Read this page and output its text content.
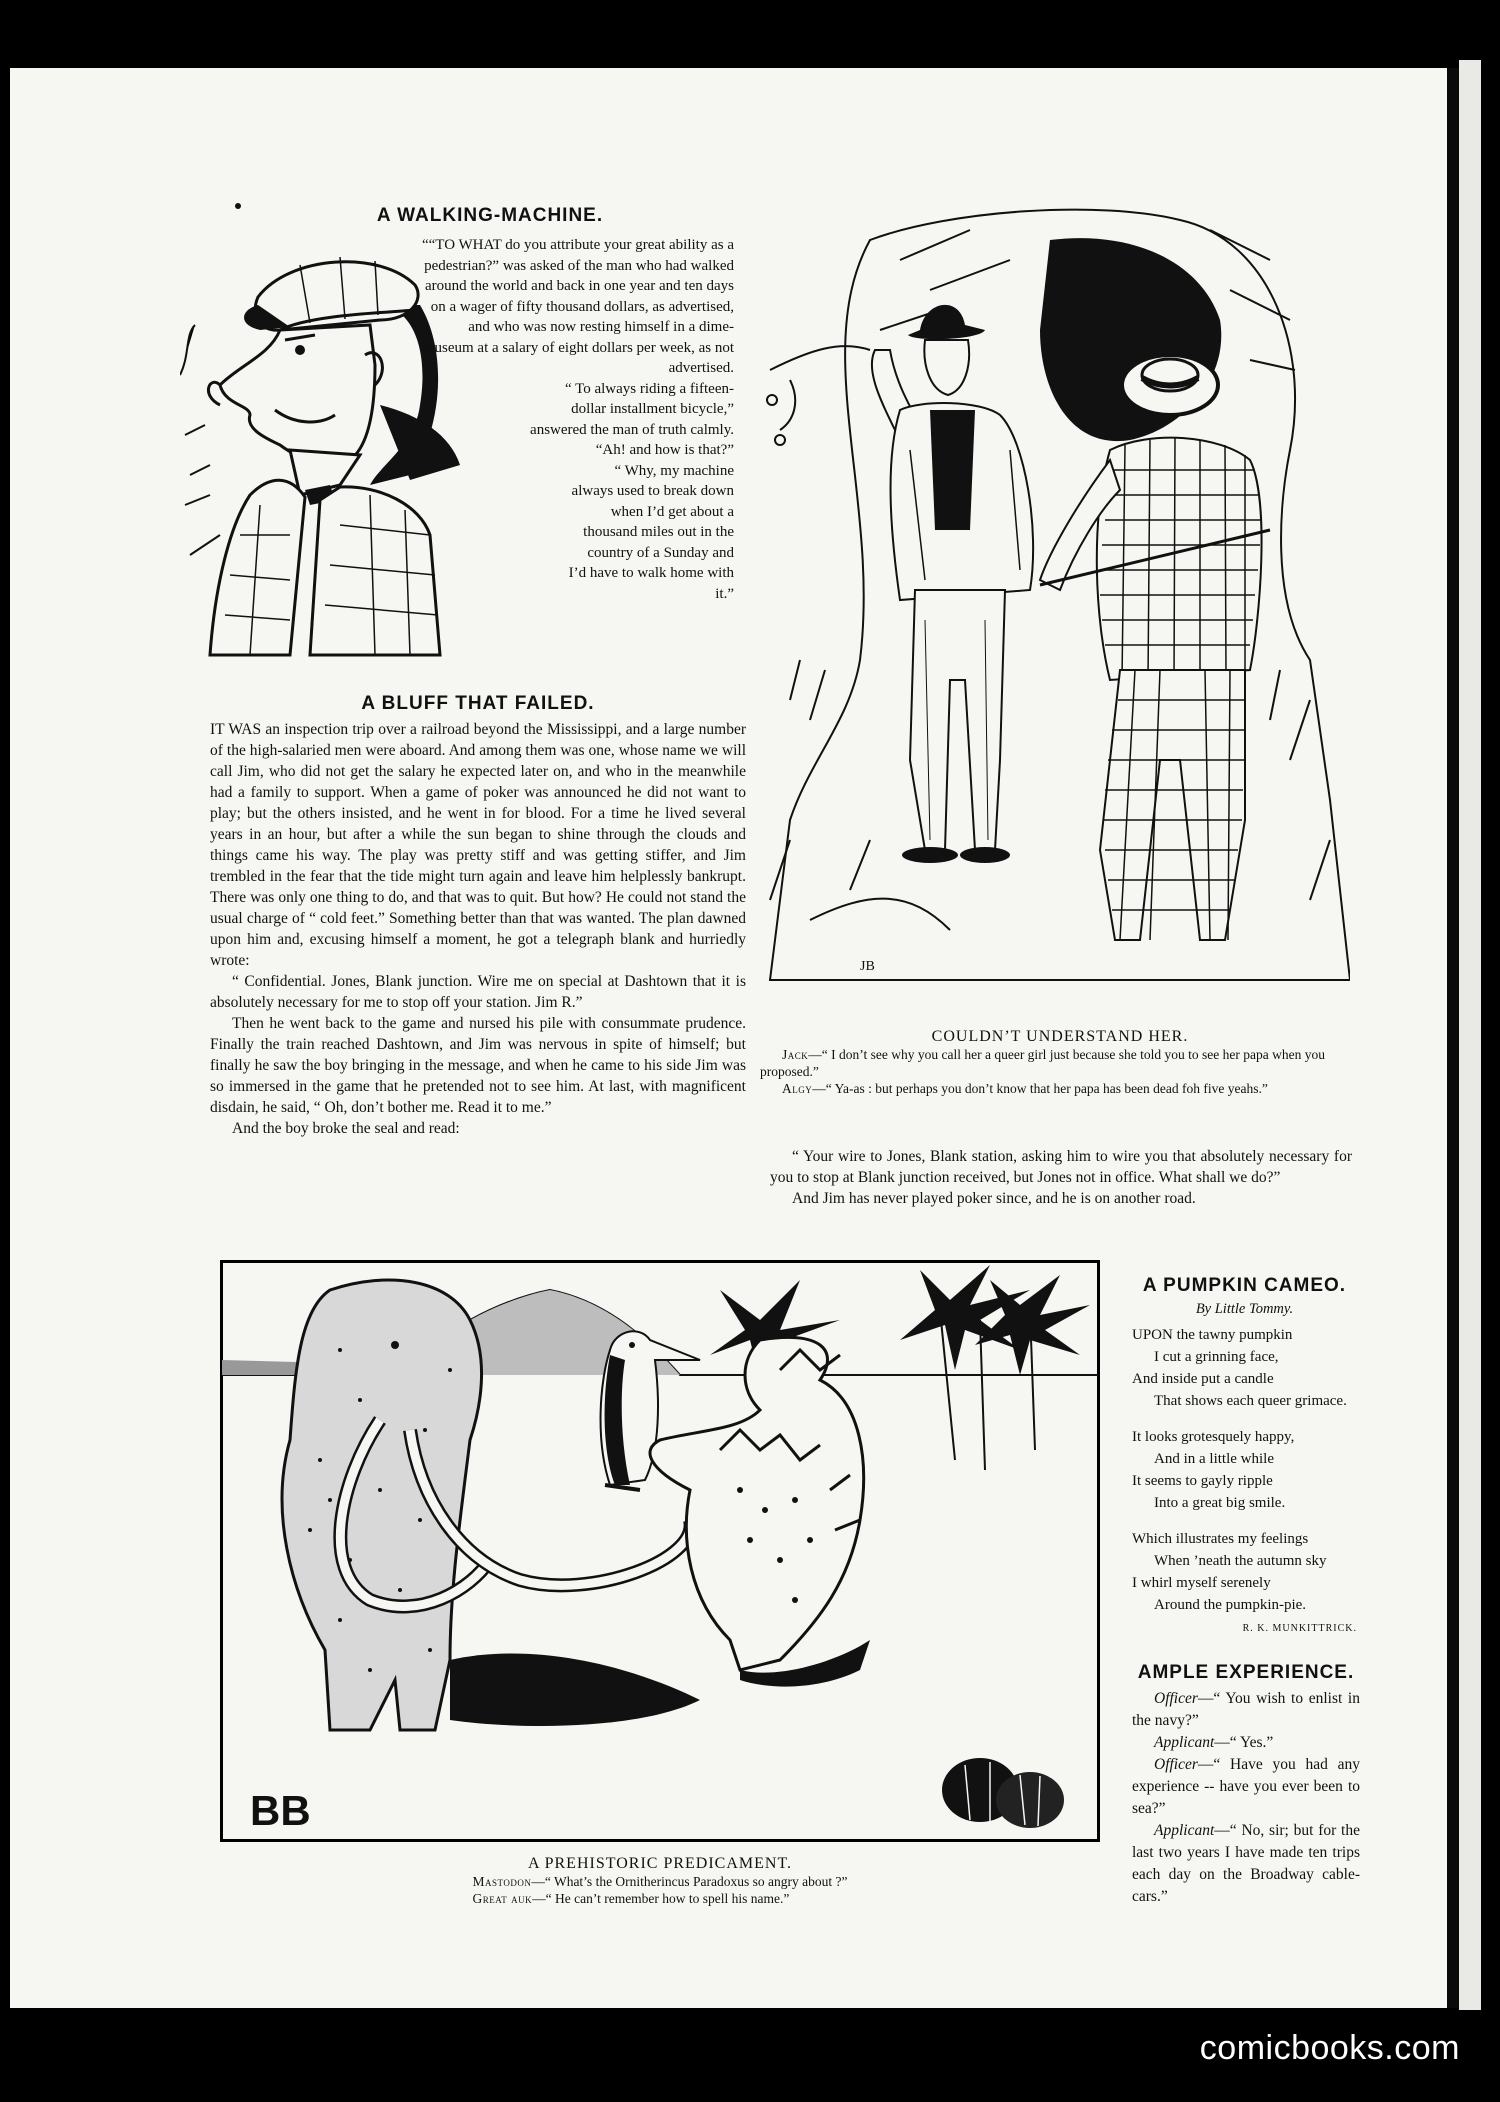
A WALKING-MACHINE.

““TO WHAT do you attribute your great ability as a pedestrian?” was asked of the man who had walked around the world and back in one year and ten days on a wager of fifty thousand dollars, as advertised, and who was now resting himself in a dime-museum at a salary of eight dollars per week, as not advertised.

“ To always riding a fifteen-dollar installment bicycle,” answered the man of truth calmly.

“Ah! and how is that?”

“ Why, my machine always used to break down when I’d get about a thousand miles out in the country of a Sunday and I’d have to walk home with it.”

A BLUFF THAT FAILED.

IT WAS an inspection trip over a railroad beyond the Mississippi, and a large number of the high-salaried men were aboard. And among them was one, whose name we will call Jim, who did not get the salary he expected later on, and who in the meanwhile had a family to support. When a game of poker was announced he did not want to play; but the others insisted, and he went in for blood. For a time he lived several years in an hour, but after a while the sun began to shine through the clouds and things came his way. The play was pretty stiff and was getting stiffer, and Jim trembled in the fear that the tide might turn again and leave him helplessly bankrupt. There was only one thing to do, and that was to quit. But how? He could not stand the usual charge of “ cold feet.” Something better than that was wanted. The plan dawned upon him and, excusing himself a moment, he got a telegraph blank and hurriedly wrote:

“ Confidential. Jones, Blank junction. Wire me on special at Dashtown that it is absolutely necessary for me to stop off your station. Jim R.”

Then he went back to the game and nursed his pile with consummate prudence. Finally the train reached Dashtown, and Jim was nervous in spite of himself; but finally he saw the boy bringing in the message, and when he came to his side Jim was so immersed in the game that he pretended not to see him. At last, with magnificent disdain, he said, “ Oh, don’t bother me. Read it to me.”

And the boy broke the seal and read:

JB

COULDN’T UNDERSTAND HER.

Jack—“ I don’t see why you call her a queer girl just because she told you to see her papa when you proposed.”

Algy—“ Ya-as : but perhaps you don’t know that her papa has been dead foh five yeahs.”

“ Your wire to Jones, Blank station, asking him to wire you that absolutely necessary for you to stop at Blank junction received, but Jones not in office. What shall we do?”

And Jim has never played poker since, and he is on another road.

BB

A PREHISTORIC PREDICAMENT.

Mastodon—“ What’s the Ornitherincus Paradoxus so angry about ?”

Great auk—“ He can’t remember how to spell his name.”

A PUMPKIN CAMEO.
By Little Tommy.
UPON the tawny pumpkin
I cut a grinning face,
And inside put a candle
That shows each queer grimace.
It looks grotesquely happy,
And in a little while
It seems to gayly ripple
Into a great big smile.
Which illustrates my feelings
When ’neath the autumn sky
I whirl myself serenely
Around the pumpkin-pie.
R. K. MUNKITTRICK.
AMPLE EXPERIENCE.

Officer—“ You wish to enlist in the navy?”

Applicant—“ Yes.”

Officer—“ Have you had any experience -- have you ever been to sea?”

Applicant—“ No, sir; but for the last two years I have made ten trips each day on the Broadway cable-cars.”

comicbooks.com
